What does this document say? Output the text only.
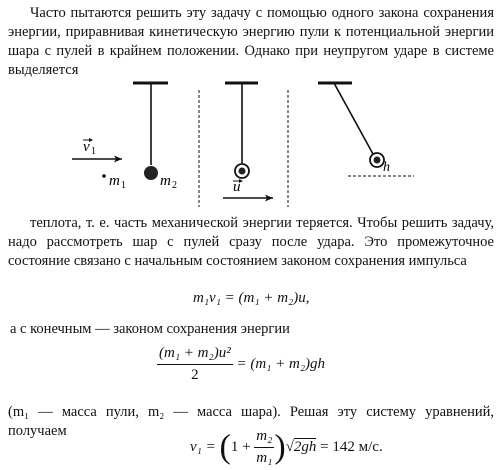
Часто пытаются решить эту задачу с помощью одного закона сохранения энергии, приравнивая кинетическую энергию пули к потенциальной энергии шара с пулей в крайнем положении. Однако при неупругом ударе в системе выделяется
v 1
m 1 m 2	u
h
теплота, т. е. часть механической энергии теряется. Чтобы решить задачу, надо рассмотреть шар с пулей сразу после удара. Это промежуточное состояние связано с начальным состоянием законом сохранения импульса
m₁v₁ = (m₁ + m₂)u,
а с конечным — законом сохранения энергии
$\frac{\text{(m₁ + m₂)u²}}{2} = (m_1 + m_2)gh$
(m₁ — масса пули, m₂ — масса шара). Решая эту систему уравнений, получаем
$v_1 = (1 + \frac{\text{m₂}}{\text{m₁}} )√2gh = 142$ м/с.
